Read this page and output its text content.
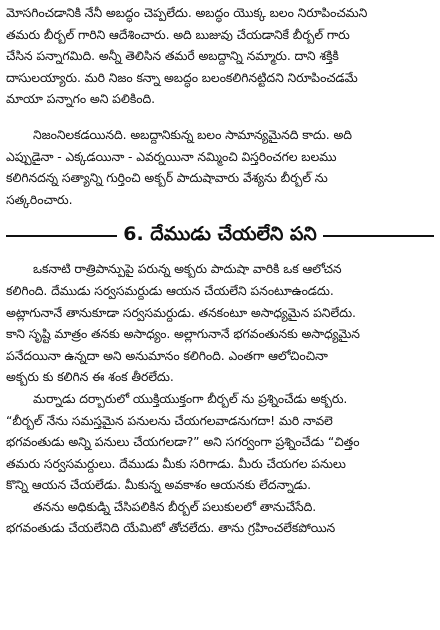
మోసగించడానికి నేనీ అబద్ధం చెప్పలేదు. అబద్ధం యొక్క బలం నిరూపించమని
తమరు బీర్బల్ గారిని ఆదేశించారు. అది బుజువు చేయడానికే బీర్బల్ గారు
చేసిన పన్నాగమిది. అన్నీ తెలిసిన తమరే అబద్దాన్ని నమ్మారు. దాని శక్తికి
దాసులయ్యారు. మరి నిజం కన్నా అబద్ధం బలంకలిగినట్టిదని నిరూపించడమే
మాయా పన్నాగం అని పలికింది.
నిజంనిలకడయినది. అబద్దానికున్న బలం సామాన్యమైనది కాదు. అది
ఎప్పుడైనా - ఎక్కడయినా - ఎవర్నయినా నమ్మించి విస్తరించగల బలము
కలిగినదన్న సత్యాన్ని గుర్తించి అక్బర్ పాదుషావారు వేశ్యను బీర్బల్ ను
సత్కరించారు.
6. దేముడు చేయలేని పని
ఒకనాటి రాత్రిపాన్పుపై పరున్న అక్బరు పాదుషా వారికి ఒక ఆలోచన
కలిగింది. దేముడు సర్వసమర్దుడు ఆయన చేయలేని పనంటూఉండదు.
అట్లాగునానే తానుకూడా సర్వసమర్దుడు. తనకంటూ అసాధ్యమైన పనిలేదు.
కాని సృష్టి మాత్రం తనకు అసాధ్యం. అల్లాగునానే భగవంతునకు అసాధ్యమైన
పనేదయినా ఉన్నదా అని అనుమానం కలిగింది. ఎంతగా ఆలోచించినా
అక్బరు కు కలిగిన ఈ శంక తీరలేదు.
మర్నాడు దర్బారులో యుక్తియుక్తంగా బీర్బల్ ను ప్రశ్నించేడు అక్బరు.
“బీర్బల్ నేను సమస్తమైన పనులను చేయగలవాడనుగదా! మరి నావలె
భగవంతుడు అన్ని పనులు చేయగలడా?” అని సగర్వంగా ప్రశ్నించేడు “చిత్తం
తమరు సర్వసమర్దులు. దేముడు మీకు సరిగాడు. మీరు చేయగల పనులు
కొన్ని ఆయన చేయలేడు. మీకున్న అవకాశం ఆయనకు లేదన్నాడు.
తనను అధికుడ్ని చేసిపలికిన బీర్బల్ పలుకులలో తానుచేసేది.
భగవంతుడు చేయలేనిది యేమిటో తోచలేదు. తాను గ్రహించలేకపోయిన
